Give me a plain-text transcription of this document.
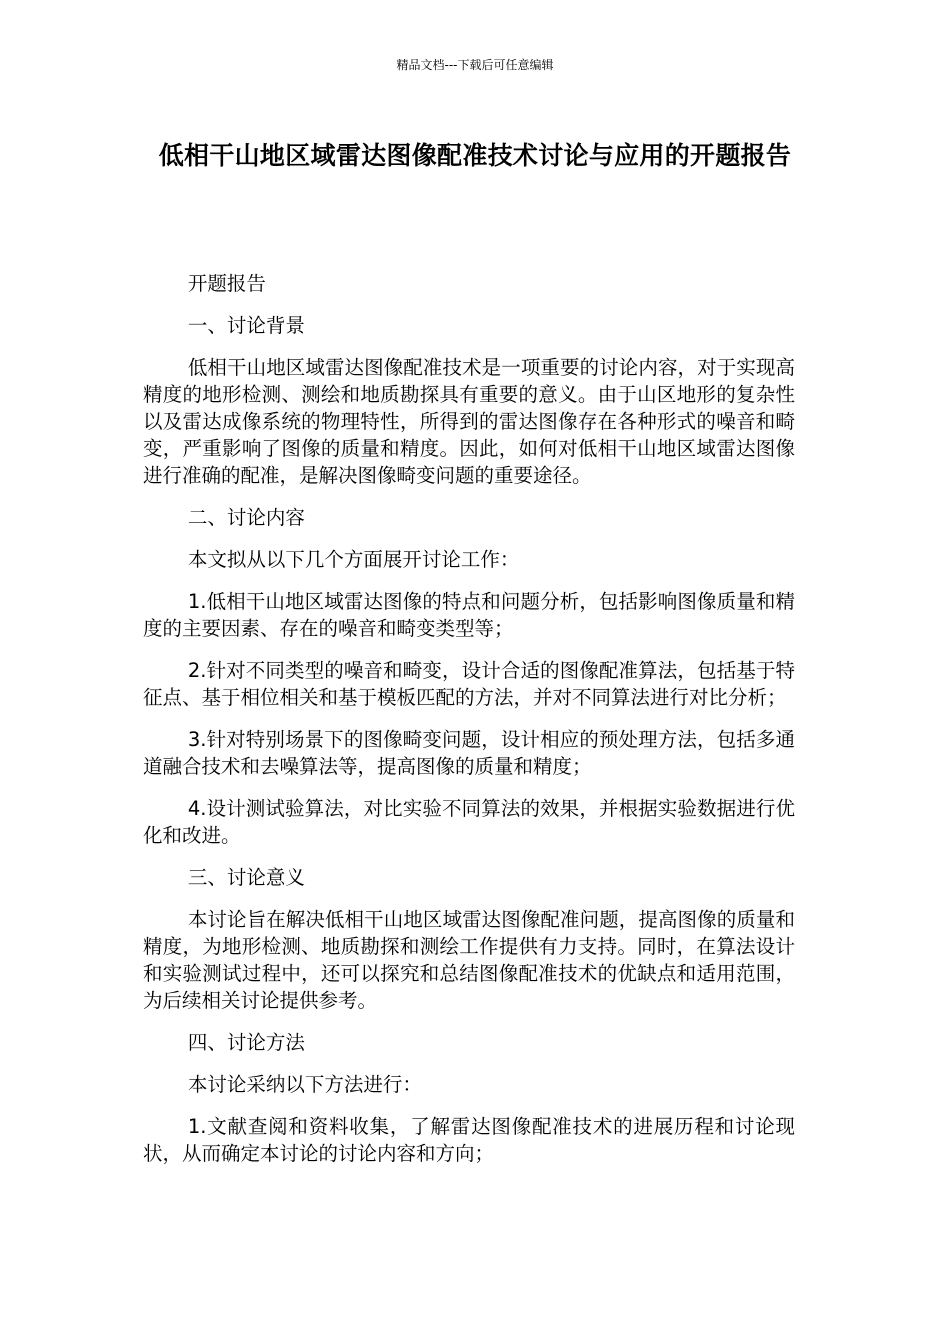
精品文档---下载后可任意编辑
低相干山地区域雷达图像配准技术讨论与应用的开题报告

开题报告

一、讨论背景

低相干山地区域雷达图像配准技术是一项重要的讨论内容，对于实现高精度的地形检测、测绘和地质勘探具有重要的意义。由于山区地形的复杂性以及雷达成像系统的物理特性，所得到的雷达图像存在各种形式的噪音和畸变，严重影响了图像的质量和精度。因此，如何对低相干山地区域雷达图像进行准确的配准，是解决图像畸变问题的重要途径。

二、讨论内容

本文拟从以下几个方面展开讨论工作：

1.低相干山地区域雷达图像的特点和问题分析，包括影响图像质量和精度的主要因素、存在的噪音和畸变类型等；

2.针对不同类型的噪音和畸变，设计合适的图像配准算法，包括基于特征点、基于相位相关和基于模板匹配的方法，并对不同算法进行对比分析；

3.针对特别场景下的图像畸变问题，设计相应的预处理方法，包括多通道融合技术和去噪算法等，提高图像的质量和精度；

4.设计测试验算法，对比实验不同算法的效果，并根据实验数据进行优化和改进。

三、讨论意义

本讨论旨在解决低相干山地区域雷达图像配准问题，提高图像的质量和精度，为地形检测、地质勘探和测绘工作提供有力支持。同时，在算法设计和实验测试过程中，还可以探究和总结图像配准技术的优缺点和适用范围，为后续相关讨论提供参考。

四、讨论方法

本讨论采纳以下方法进行：

1.文献查阅和资料收集，了解雷达图像配准技术的进展历程和讨论现状，从而确定本讨论的讨论内容和方向；
